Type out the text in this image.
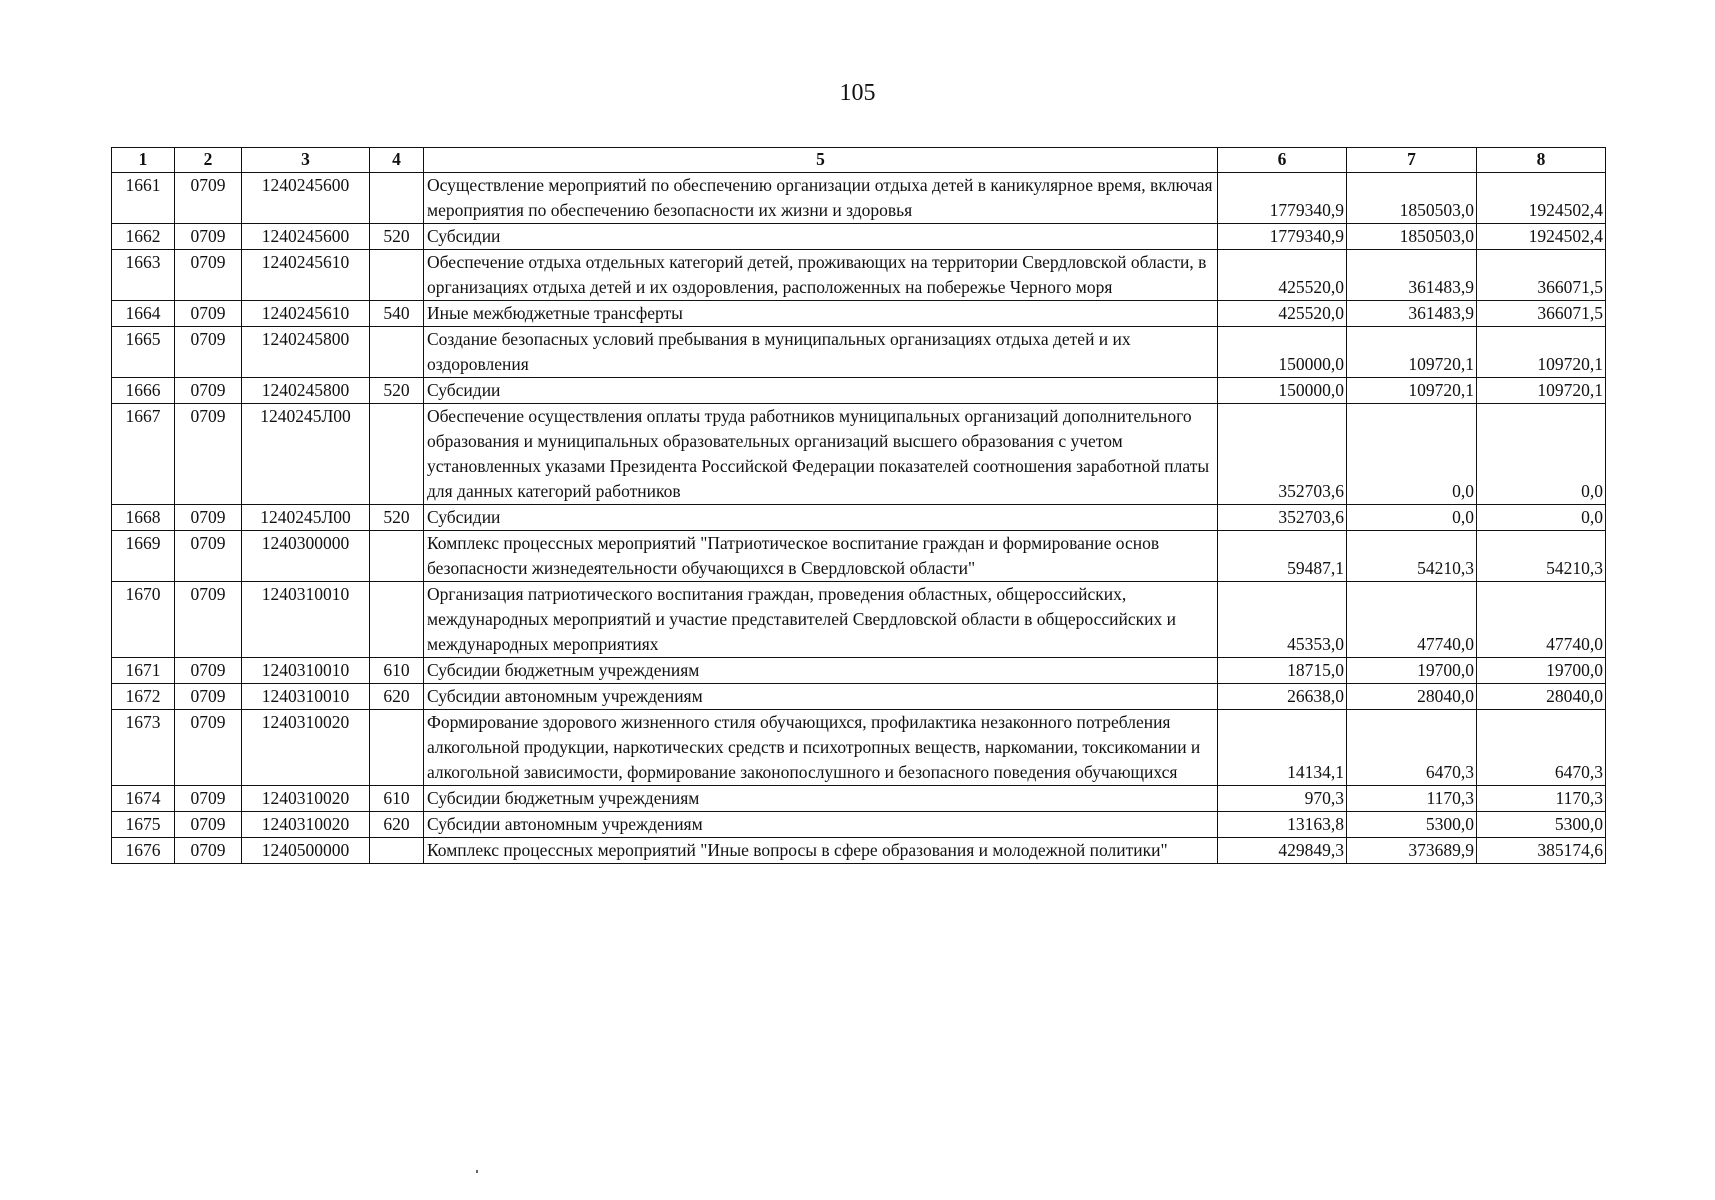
105
1	2	3	4	5	6	7	8
1661	0709	1240245600		Осуществление мероприятий по обеспечению организации отдыха детей в каникулярное время, включая мероприятия по обеспечению безопасности их жизни и здоровья	1779340,9	1850503,0	1924502,4
1662	0709	1240245600	520	Субсидии	1779340,9	1850503,0	1924502,4
1663	0709	1240245610		Обеспечение отдыха отдельных категорий детей, проживающих на территории Свердловской области, в организациях отдыха детей и их оздоровления, расположенных на побережье Черного моря	425520,0	361483,9	366071,5
1664	0709	1240245610	540	Иные межбюджетные трансферты	425520,0	361483,9	366071,5
1665	0709	1240245800		Создание безопасных условий пребывания в муниципальных организациях отдыха детей и их оздоровления	150000,0	109720,1	109720,1
1666	0709	1240245800	520	Субсидии	150000,0	109720,1	109720,1
1667	0709	1240245Л00		Обеспечение осуществления оплаты труда работников муниципальных организаций дополнительного образования и муниципальных образовательных организаций высшего образования с учетом установленных указами Президента Российской Федерации показателей соотношения заработной платы для данных категорий работников	352703,6	0,0	0,0
1668	0709	1240245Л00	520	Субсидии	352703,6	0,0	0,0
1669	0709	1240300000		Комплекс процессных мероприятий "Патриотическое воспитание граждан и формирование основ безопасности жизнедеятельности обучающихся в Свердловской области"	59487,1	54210,3	54210,3
1670	0709	1240310010		Организация патриотического воспитания граждан, проведения областных, общероссийских, международных мероприятий и участие представителей Свердловской области в общероссийских и международных мероприятиях	45353,0	47740,0	47740,0
1671	0709	1240310010	610	Субсидии бюджетным учреждениям	18715,0	19700,0	19700,0
1672	0709	1240310010	620	Субсидии автономным учреждениям	26638,0	28040,0	28040,0
1673	0709	1240310020		Формирование здорового жизненного стиля обучающихся, профилактика незаконного потребления алкогольной продукции, наркотических средств и психотропных веществ, наркомании, токсикомании и алкогольной зависимости, формирование законопослушного и безопасного поведения обучающихся	14134,1	6470,3	6470,3
1674	0709	1240310020	610	Субсидии бюджетным учреждениям	970,3	1170,3	1170,3
1675	0709	1240310020	620	Субсидии автономным учреждениям	13163,8	5300,0	5300,0
1676	0709	1240500000		Комплекс процессных мероприятий "Иные вопросы в сфере образования и молодежной политики"	429849,3	373689,9	385174,6
